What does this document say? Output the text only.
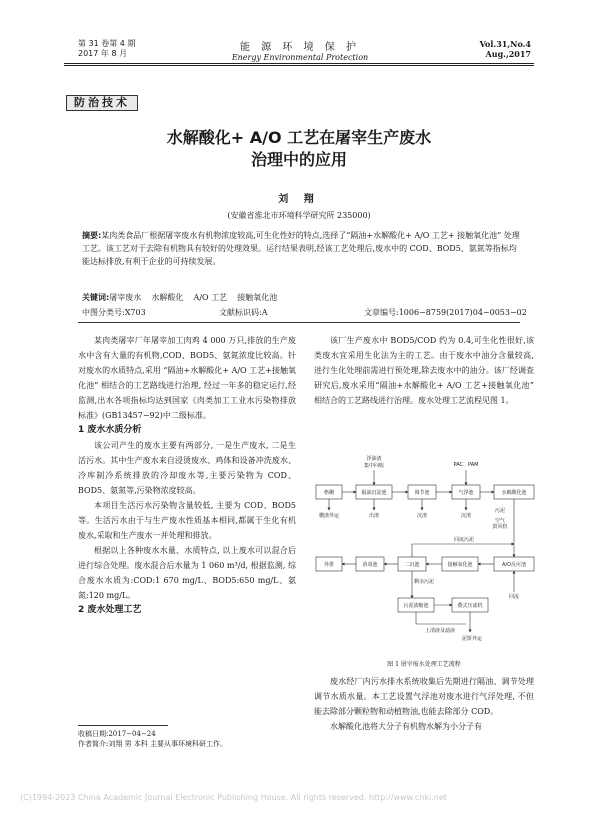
第 31 卷第 4 期
2017 年 8 月
能 源 环 境 保 护
Energy Environmental Protection
Vol.31,No.4
Aug.,2017
防治技术
水解酸化+ A/O 工艺在屠宰生产废水
治理中的应用
刘 翔
(安徽省淮北市环境科学研究所 235000)
摘要:某肉类食品厂根据屠宰废水有机物浓度较高,可生化性好的特点,选择了“隔油+水解酸化+ A/O 工艺+ 接触氧化池” 处理工艺。该工艺对于去除有机物具有较好的处理效果。运行结果表明,经该工艺处理后,废水中的 COD、BOD5、氨氮等指标均能达标排放,有利于企业的可持续发展。
关键词:屠宰废水    水解酸化    A/O 工艺    接触氧化池
中图分类号:X703	文献标识码:A	文章编号:1006−8759(2017)04−0053−02

某肉类屠宰厂年屠宰加工肉鸡 4 000 万只,排放的生产废水中含有大量的有机物,COD、BOD5、氨氮浓度比较高。针对废水的水质特点,采用 “隔油+水解酸化+ A/O 工艺+接触氧化池” 相结合的工艺路线进行治理, 经过一年多的稳定运行,经监测,出水各项指标均达到国家《肉类加工工业水污染物排放标准》(GB13457−92)中二级标准。

1 废水水质分析

该公司产生的废水主要有两部分, 一是生产废水, 二是生活污水。其中生产废水来自浸烫废水、鸡体和设备冲洗废水、冷库制冷系统排放的冷却废水等,主要污染物为 COD、BOD5、氨氮等,污染物浓度较高。

本项目生活污水污染物含量较低, 主要为 COD、BOD5 等。生活污水由于与生产废水性质基本相同,都属于生化有机废水,采取和生产废水一并处理和排放。

根据以上各种废水水量、水质特点, 以上废水可以混合后进行综合处理。废水混合后水量为 1 060 m³/d, 根据监测, 综合废水水质为:COD:1 670 mg/L、BOD5:650 mg/L、氨氮:120 mg/L。

2 废水处理工艺

该厂生产废水中 BOD5/COD 约为 0.4,可生化性很好,该类废水宜采用生化法为主的工艺。由于废水中油分含量较高, 进行生化处理前需进行预处理,除去废水中的油分。该厂经调查研究后,废水采用“隔油+水解酸化+ A/O 工艺+接触氧化池” 相结合的工艺路线进行治理。废水处理工艺流程见图 1。

格栅	隔油沉淀池	调节池	气浮池	水解酸化池
外排	消毒池	二沉池	接触氧化池	A/O反应池
污泥浓缩池	叠式压滤机
浮油渣
集中回收	PAC、PAM
栅渣外运	出渣	沉渣	沉渣
污泥
空气
鼓风机
回流污泥
剩余污泥
回流
上清液及滤液
泥饼外运
图 1 屠宰废水处理工艺流程

废水经厂内污水排水系统收集后先期进行隔油、调节处理调节水质水量。本工艺设置气浮池对废水进行气浮处理, 不但能去除部分颗粒物和动植物油,也能去除部分 COD。

水解酸化池将大分子有机物水解为小分子有

收稿日期:2017−04−24
作者简介:刘翔 男 本科 主要从事环境科研工作。
(C)1994-2023 China Academic Journal Electronic Publishing House. All rights reserved. http://www.cnki.net
